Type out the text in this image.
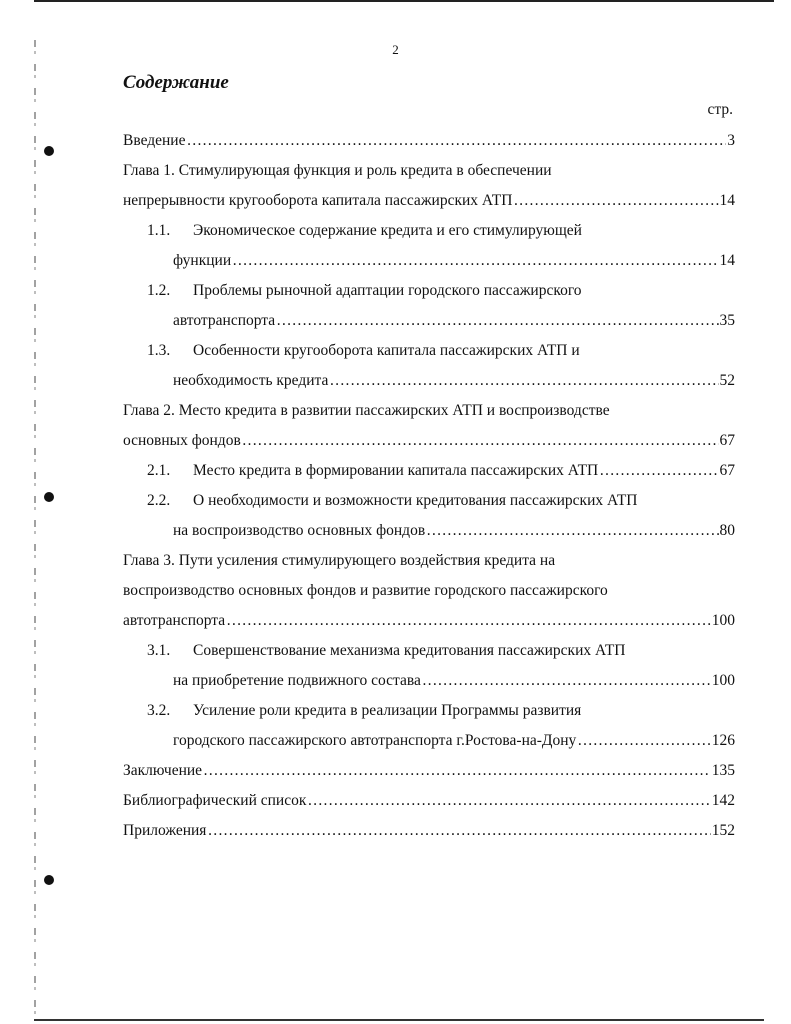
2
Содержание
стр.
Введение …………………………………………………………………………………………………………………………………………………………………	3
Глава 1. Стимулирующая функция и роль кредита в обеспечении
непрерывности кругооборота капитала пассажирских АТП …………………………………………………………………………………………………………………………………………………………………	14
1.1.	Экономическое содержание кредита и его стимулирующей
функции …………………………………………………………………………………………………………………………………………………………………	14
1.2.	Проблемы рыночной адаптации городского пассажирского
автотранспорта …………………………………………………………………………………………………………………………………………………………………	35
1.3.	Особенности кругооборота капитала пассажирских АТП и
необходимость кредита …………………………………………………………………………………………………………………………………………………………………	52
Глава 2. Место кредита в развитии пассажирских АТП и воспроизводстве
основных фондов …………………………………………………………………………………………………………………………………………………………………	67
2.1.	Место кредита в формировании капитала пассажирских АТП …………………………………………………………………………………………………………………………………………………………………	67
2.2.	О необходимости и возможности кредитования пассажирских АТП
на воспроизводство основных фондов …………………………………………………………………………………………………………………………………………………………………	80
Глава 3. Пути усиления стимулирующего воздействия кредита на
воспроизводство основных фондов и развитие городского пассажирского
автотранспорта …………………………………………………………………………………………………………………………………………………………………	100
3.1.	Совершенствование механизма кредитования пассажирских АТП
на приобретение подвижного состава …………………………………………………………………………………………………………………………………………………………………	100
3.2.	Усиление роли кредита в реализации Программы развития
городского пассажирского автотранспорта г.Ростова-на-Дону …………………………………………………………………………………………………………………………………………………………………	126
Заключение …………………………………………………………………………………………………………………………………………………………………	135
Библиографический список …………………………………………………………………………………………………………………………………………………………………	142
Приложения …………………………………………………………………………………………………………………………………………………………………	152
